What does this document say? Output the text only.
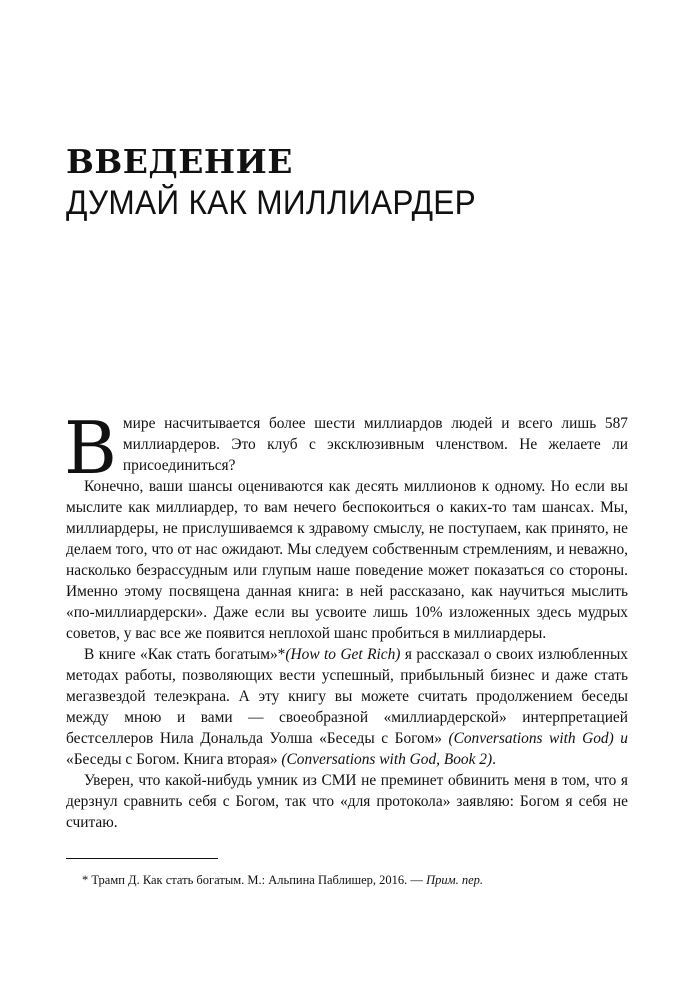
ВВЕДЕНИЕ
ДУМАЙ КАК МИЛЛИАРДЕР

Вмире насчитывается более шести миллиардов людей и всего лишь 587 миллиардеров. Это клуб с эксклюзивным членством. Не желаете ли присоединиться?

Конечно, ваши шансы оцениваются как десять миллионов к одному. Но если вы мыслите как миллиардер, то вам нечего беспокоиться о каких-то там шансах. Мы, миллиардеры, не прислушиваемся к здравому смыслу, не поступаем, как принято, не делаем того, что от нас ожидают. Мы следуем собственным стремлениям, и неважно, насколько безрассудным или глупым наше поведение может показаться со стороны. Именно этому посвящена данная книга: в ней рассказано, как научиться мыслить «по-миллиардерски». Даже если вы усвоите лишь 10% изложенных здесь мудрых советов, у вас все же появится неплохой шанс пробиться в миллиардеры.

В книге «Как стать богатым»*(How to Get Rich) я рассказал о своих излюбленных методах работы, позволяющих вести успешный, прибыльный бизнес и даже стать мегазвездой телеэкрана. А эту книгу вы можете считать продолжением беседы между мною и вами — своеобразной «миллиардерской» интерпретацией бестселлеров Нила Дональда Уолша «Беседы с Богом» (Conversations with God) и «Беседы с Богом. Книга вторая» (Conversations with God, Book 2).

Уверен, что какой-нибудь умник из СМИ не преминет обвинить меня в том, что я дерзнул сравнить себя с Богом, так что «для протокола» заявляю: Богом я себя не считаю.

* Трамп Д. Как стать богатым. М.: Альпина Паблишер, 2016. — Прим. пер.
